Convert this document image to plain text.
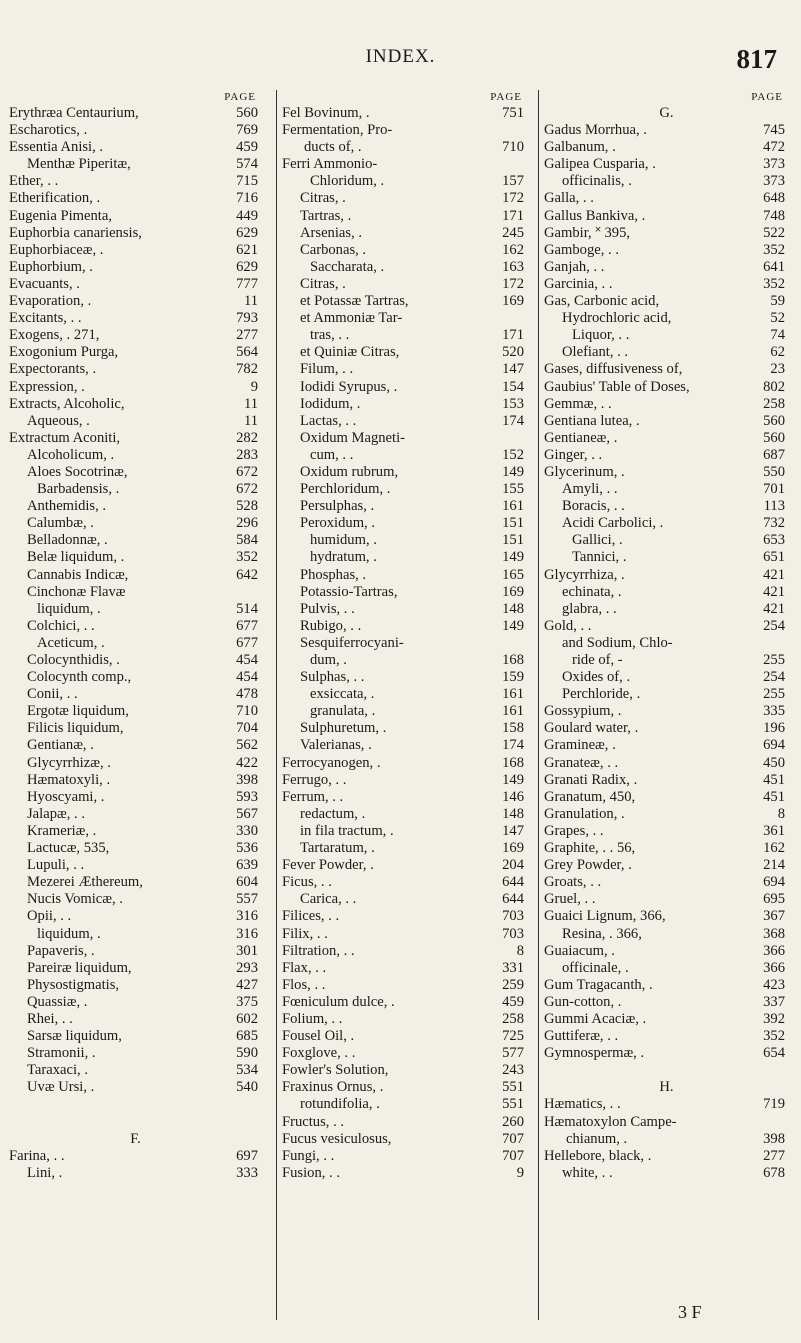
INDEX.	817
PAGE
Erythræa Centaurium,	560
Escharotics, .	769
Essentia Anisi, .	459
Menthæ Piperitæ,	574
Ether, . .	715
Etherification, .	716
Eugenia Pimenta,	449
Euphorbia canariensis,	629
Euphorbiaceæ, .	621
Euphorbium, .	629
Evacuants, .	777
Evaporation, .	11
Excitants, . .	793
Exogens, . 271,	277
Exogonium Purga,	564
Expectorants, .	782
Expression, .	9
Extracts, Alcoholic,	11
Aqueous, .	11
Extractum Aconiti,	282
Alcoholicum, .	283
Aloes Socotrinæ,	672
Barbadensis, .	672
Anthemidis, .	528
Calumbæ, .	296
Belladonnæ, .	584
Belæ liquidum, .	352
Cannabis Indicæ,	642
Cinchonæ Flavæ
liquidum, .	514
Colchici, . .	677
Aceticum, .	677
Colocynthidis, .	454
Colocynth comp.,	454
Conii, . .	478
Ergotæ liquidum,	710
Filicis liquidum,	704
Gentianæ, .	562
Glycyrrhizæ, .	422
Hæmatoxyli, .	398
Hyoscyami, .	593
Jalapæ, . .	567
Krameriæ, .	330
Lactucæ, 535,	536
Lupuli, . .	639
Mezerei Æthereum,	604
Nucis Vomicæ, .	557
Opii, . .	316
liquidum, .	316
Papaveris, .	301
Pareiræ liquidum,	293
Physostigmatis,	427
Quassiæ, .	375
Rhei, . .	602
Sarsæ liquidum,	685
Stramonii, .	590
Taraxaci, .	534
Uvæ Ursi, .	540
F.
Farina, . .	697
Lini, .	333
PAGE
Fel Bovinum, .	751
Fermentation, Pro-
ducts of, .	710
Ferri Ammonio-
Chloridum, .	157
Citras, .	172
Tartras, .	171
Arsenias, .	245
Carbonas, .	162
Saccharata, .	163
Citras, .	172
et Potassæ Tartras,	169
et Ammoniæ Tar-
tras, . .	171
et Quiniæ Citras,	520
Filum, . .	147
Iodidi Syrupus, .	154
Iodidum, .	153
Lactas, . .	174
Oxidum Magneti-
cum, . .	152
Oxidum rubrum,	149
Perchloridum, .	155
Persulphas, .	161
Peroxidum, .	151
humidum, .	151
hydratum, .	149
Phosphas, .	165
Potassio-Tartras,	169
Pulvis, . .	148
Rubigo, . .	149
Sesquiferrocyani-
dum, .	168
Sulphas, . .	159
exsiccata, .	161
granulata, .	161
Sulphuretum, .	158
Valerianas, .	174
Ferrocyanogen, .	168
Ferrugo, . .	149
Ferrum, . .	146
redactum, .	148
in fila tractum, .	147
Tartaratum, .	169
Fever Powder, .	204
Ficus, . .	644
Carica, . .	644
Filices, . .	703
Filix, . .	703
Filtration, . .	8
Flax, . .	331
Flos, . .	259
Fœniculum dulce, .	459
Folium, . .	258
Fousel Oil, .	725
Foxglove, . .	577
Fowler's Solution,	243
Fraxinus Ornus, .	551
rotundifolia, .	551
Fructus, . .	260
Fucus vesiculosus,	707
Fungi, . .	707
Fusion, . .	9
PAGE
G.
Gadus Morrhua, .	745
Galbanum, .	472
Galipea Cusparia, .	373
officinalis, .	373
Galla, . .	648
Gallus Bankiva, .	748
Gambir, ˟ 395,	522
Gamboge, . .	352
Ganjah, . .	641
Garcinia, . .	352
Gas, Carbonic acid,	59
Hydrochloric acid,	52
Liquor, . .	74
Olefiant, . .	62
Gases, diffusiveness of,	23
Gaubius' Table of Doses,	802
Gemmæ, . .	258
Gentiana lutea, .	560
Gentianeæ, .	560
Ginger, . .	687
Glycerinum, .	550
Amyli, . .	701
Boracis, . .	113
Acidi Carbolici, .	732
Gallici, .	653
Tannici, .	651
Glycyrrhiza, .	421
echinata, .	421
glabra, . .	421
Gold, . .	254
and Sodium, Chlo-
ride of, -	255
Oxides of, .	254
Perchloride, .	255
Gossypium, .	335
Goulard water, .	196
Gramineæ, .	694
Granateæ, . .	450
Granati Radix, .	451
Granatum, 450,	451
Granulation, .	8
Grapes, . .	361
Graphite, . . 56,	162
Grey Powder, .	214
Groats, . .	694
Gruel, . .	695
Guaici Lignum, 366,	367
Resina, . 366,	368
Guaiacum, .	366
officinale, .	366
Gum Tragacanth, .	423
Gun-cotton, .	337
Gummi Acaciæ, .	392
Guttiferæ, . .	352
Gymnospermæ, .	654
H.
Hæmatics, . .	719
Hæmatoxylon Campe-
chianum, .	398
Hellebore, black, .	277
white, . .	678
3 F
